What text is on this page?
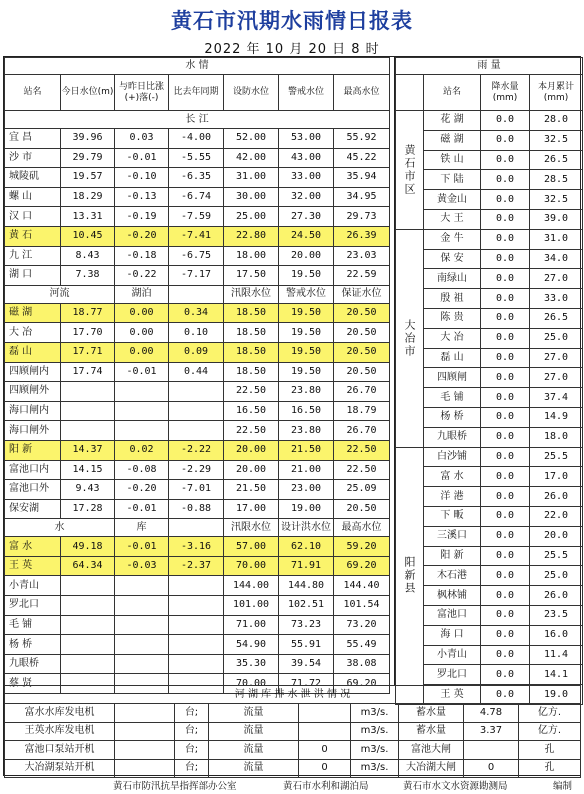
黄石市汛期水雨情日报表
2022 年 10 月 20 日 8 时
水 情						
站名	今日水位(m)	与昨日比涨(+)落(-)	比去年同期	设防水位	警戒水位	最高水位
长 江						
宜 昌	39.96	0.03	-4.00	52.00	53.00	55.92
沙 市	29.79	-0.01	-5.55	42.00	43.00	45.22
城陵矶	19.57	-0.10	-6.35	31.00	33.00	35.94
螺 山	18.29	-0.13	-6.74	30.00	32.00	34.95
汉 口	13.31	-0.19	-7.59	25.00	27.30	29.73
黄 石	10.45	-0.20	-7.41	22.80	24.50	26.39
九 江	8.43	-0.18	-6.75	18.00	20.00	23.03
湖 口	7.38	-0.22	-7.17	17.50	19.50	22.59
河流		湖泊		汛限水位	警戒水位	保证水位
磁 湖	18.77	0.00	0.34	18.50	19.50	20.50
大 冶	17.70	0.00	0.10	18.50	19.50	20.50
磊 山	17.71	0.00	0.09	18.50	19.50	20.50
四顾闸内	17.74	-0.01	0.44	18.50	19.50	20.50
四顾闸外				22.50	23.80	26.70
海口闸内				16.50	16.50	18.79
海口闸外				22.50	23.80	26.70
阳 新	14.37	0.02	-2.22	20.00	21.50	22.50
富池口内	14.15	-0.08	-2.29	20.00	21.00	22.50
富池口外	9.43	-0.20	-7.01	21.50	23.00	25.09
保安湖	17.28	-0.01	-0.88	17.00	19.00	20.50
水		库		汛限水位	设计洪水位	最高水位
富 水	49.18	-0.01	-3.16	57.00	62.10	59.20
王 英	64.34	-0.03	-2.37	70.00	71.91	69.20
小青山				144.00	144.80	144.40
罗北口				101.00	102.51	101.54
毛 铺				71.00	73.23	73.20
杨 桥				54.90	55.91	55.49
九眼桥				35.30	39.54	38.08
蔡 贤				70.00	71.72	69.20
雨 量			
	站名	降水量(mm)	本月累计(mm)
黄石市区	花 湖	0.0	28.0
	磁 湖	0.0	32.5
	铁 山	0.0	26.5
	下 陆	0.0	28.5
	黄金山	0.0	32.5
	大 王	0.0	39.0
大冶市	金 牛	0.0	31.0
	保 安	0.0	34.0
	南绿山	0.0	27.0
	殷 祖	0.0	33.0
	陈 贵	0.0	26.5
	大 冶	0.0	25.0
	磊 山	0.0	27.0
	四顾闸	0.0	27.0
	毛 铺	0.0	37.4
	杨 桥	0.0	14.9
	九眼桥	0.0	18.0
阳新县	白沙铺	0.0	25.5
	富 水	0.0	17.0
	洋 港	0.0	26.0
	下 畈	0.0	22.0
	三溪口	0.0	20.0
	阳 新	0.0	25.5
	木石港	0.0	25.0
	枫林铺	0.0	26.0
	富池口	0.0	23.5
	海 口	0.0	16.0
	小青山	0.0	11.4
	罗北口	0.0	14.1
	王 英	0.0	19.0
河 湖 库 排 水 泄 洪 情 况								
富水水库发电机		台;	流量		m3/s.	蓄水量	4.78	亿方.
王英水库发电机		台;	流量		m3/s.	蓄水量	3.37	亿方.
富池口泵站开机		台;	流量	0	m3/s.	富池大闸		孔
大冶湖泵站开机		台;	流量	0	m3/s.	大冶湖大闸	0	孔
黄石市防汛抗旱指挥部办公室	黄石市水利和湖泊局	黄石市水文水资源勘测局	编制
